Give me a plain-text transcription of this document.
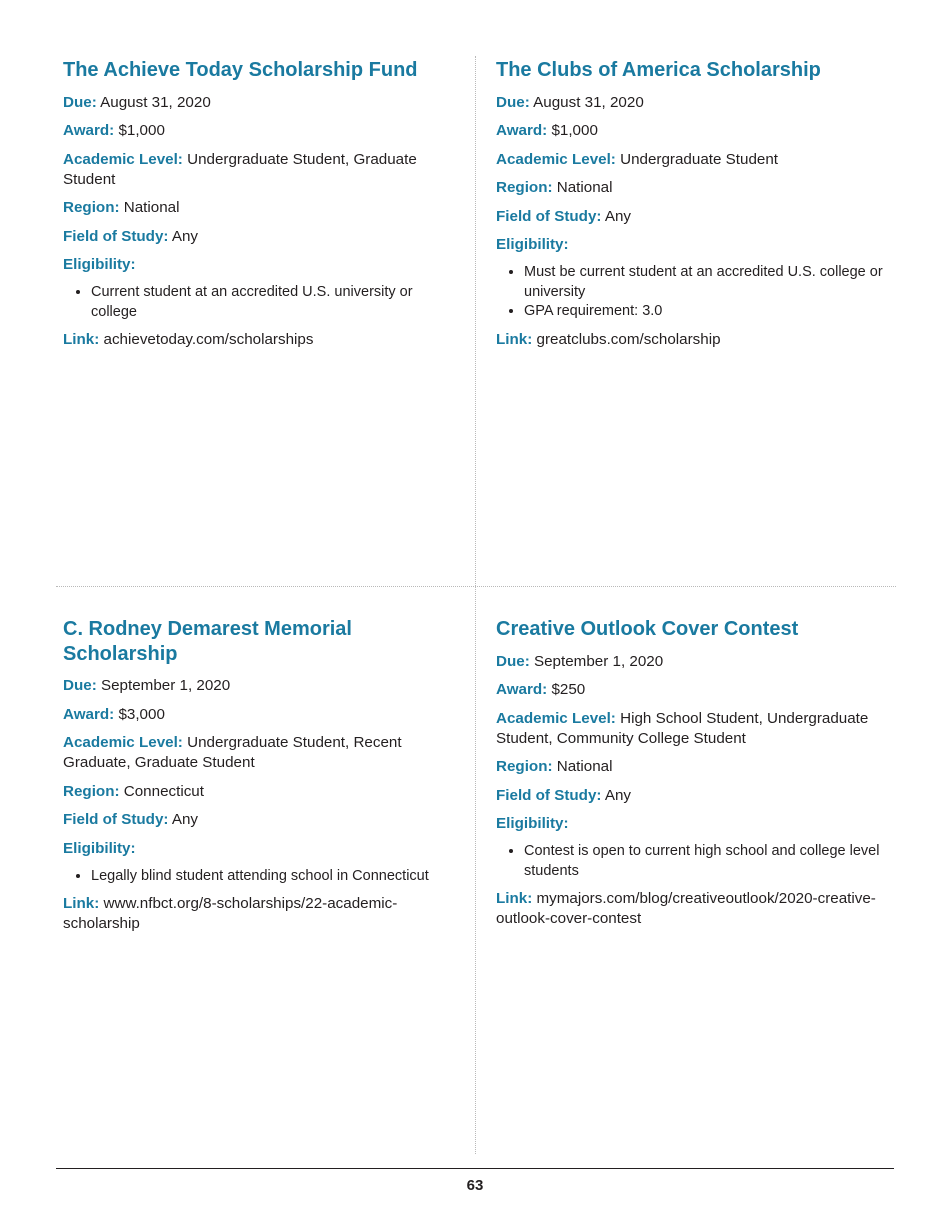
The Achieve Today Scholarship Fund
Due: August 31, 2020
Award: $1,000
Academic Level: Undergraduate Student, Graduate Student
Region: National
Field of Study: Any
Eligibility:
• Current student at an accredited U.S. university or college
Link: achievetoday.com/scholarships
The Clubs of America Scholarship
Due: August 31, 2020
Award: $1,000
Academic Level: Undergraduate Student
Region: National
Field of Study: Any
Eligibility:
• Must be current student at an accredited U.S. college or university
• GPA requirement: 3.0
Link: greatclubs.com/scholarship
C. Rodney Demarest Memorial Scholarship
Due: September 1, 2020
Award: $3,000
Academic Level: Undergraduate Student, Recent Graduate, Graduate Student
Region: Connecticut
Field of Study: Any
Eligibility:
• Legally blind student attending school in Connecticut
Link: www.nfbct.org/8-scholarships/22-academic-scholarship
Creative Outlook Cover Contest
Due: September 1, 2020
Award: $250
Academic Level: High School Student, Undergraduate Student, Community College Student
Region: National
Field of Study: Any
Eligibility:
• Contest is open to current high school and college level students
Link: mymajors.com/blog/creativeoutlook/2020-creative-outlook-cover-contest
63
